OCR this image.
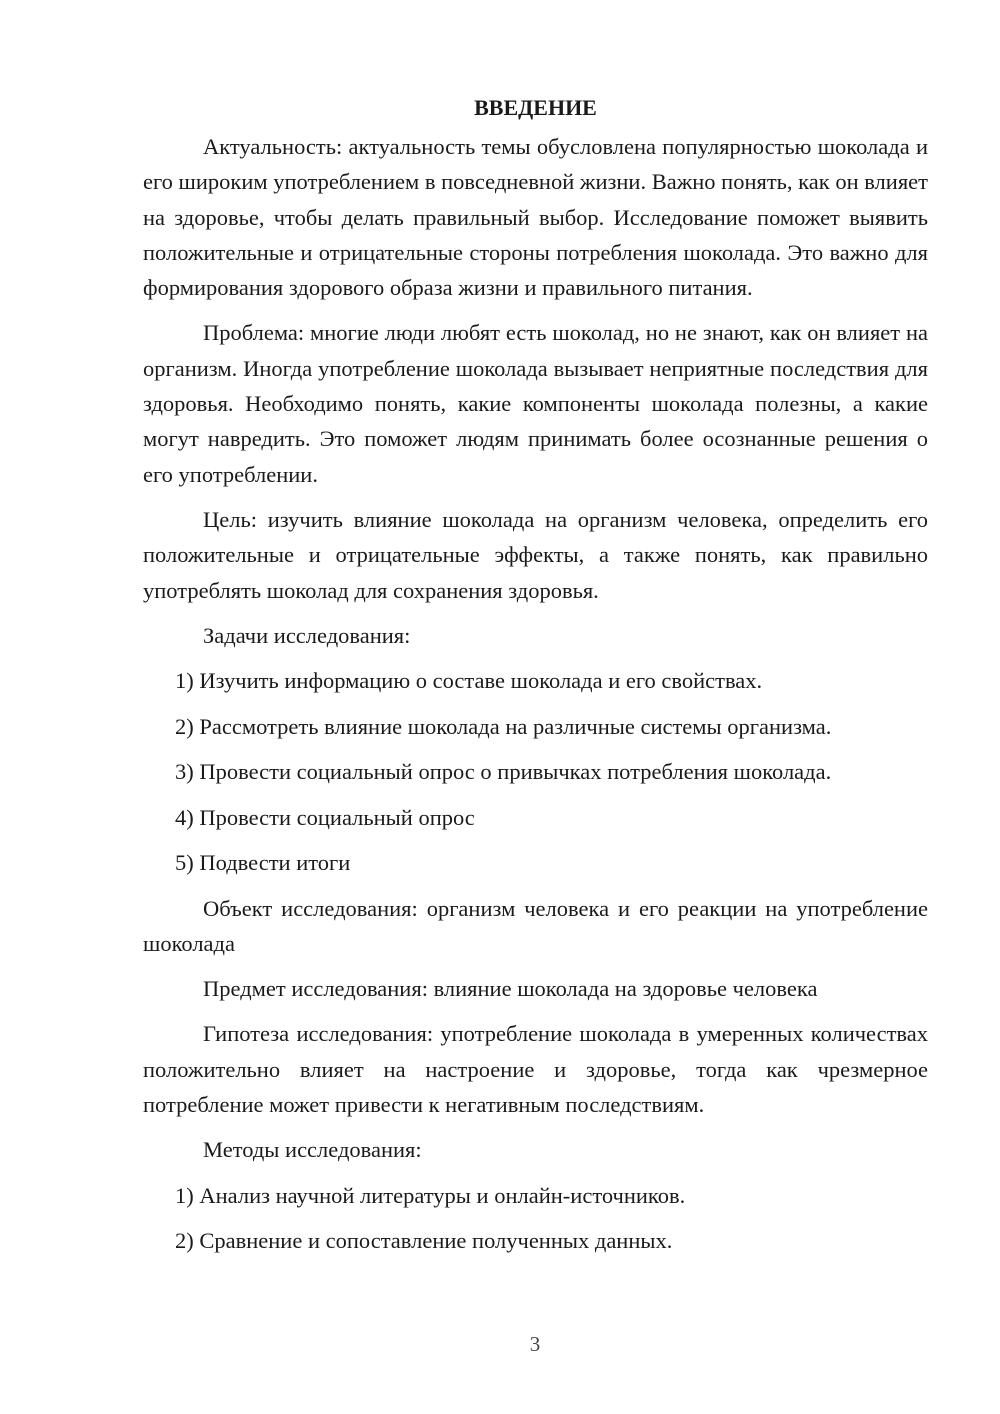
ВВЕДЕНИЕ

Актуальность: актуальность темы обусловлена популярностью шоколада и его широким употреблением в повседневной жизни. Важно понять, как он влияет на здоровье, чтобы делать правильный выбор. Исследование поможет выявить положительные и отрицательные стороны потребления шоколада. Это важно для формирования здорового образа жизни и правильного питания.

Проблема: многие люди любят есть шоколад, но не знают, как он влияет на организм. Иногда употребление шоколада вызывает неприятные последствия для здоровья. Необходимо понять, какие компоненты шоколада полезны, а какие могут навредить. Это поможет людям принимать более осознанные решения о его употреблении.

Цель: изучить влияние шоколада на организм человека, определить его положительные и отрицательные эффекты, а также понять, как правильно употреблять шоколад для сохранения здоровья.

Задачи исследования:

1) Изучить информацию о составе шоколада и его свойствах.
2) Рассмотреть влияние шоколада на различные системы организма.
3) Провести социальный опрос о привычках потребления шоколада.
4) Провести социальный опрос
5) Подвести итоги

Объект исследования: организм человека и его реакции на употребление шоколада

Предмет исследования: влияние шоколада на здоровье человека

Гипотеза исследования: употребление шоколада в умеренных количествах положительно влияет на настроение и здоровье, тогда как чрезмерное потребление может привести к негативным последствиям.

Методы исследования:

1) Анализ научной литературы и онлайн-источников.
2) Сравнение и сопоставление полученных данных.
3
